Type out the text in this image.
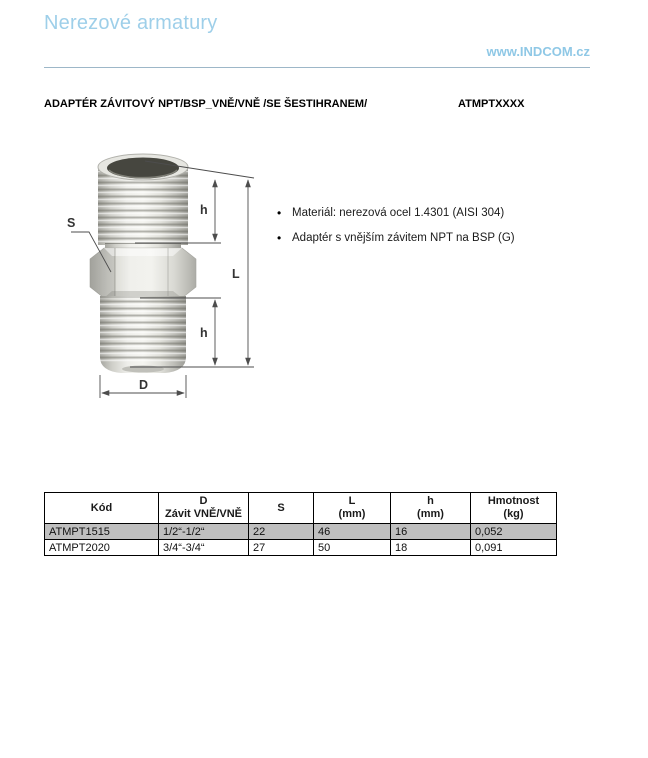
Nerezové armatury
www.INDCOM.cz
ADAPTÉR ZÁVITOVÝ NPT/BSP_VNĚ/VNĚ /SE ŠESTIHRANEM/	ATMPTXXXX
S
h
L
h
D
• Materiál: nerezová ocel 1.4301 (AISI 304)
• Adaptér s vnějším závitem NPT na BSP (G)
Kód

D
Závit VNĚ/VNĚ

S

L
(mm)

h
(mm)

Hmotnost
(kg)

ATMPT1515	1/2“-1/2“	22	46	16	0,052
ATMPT2020	3/4“-3/4“	27	50	18	0,091
